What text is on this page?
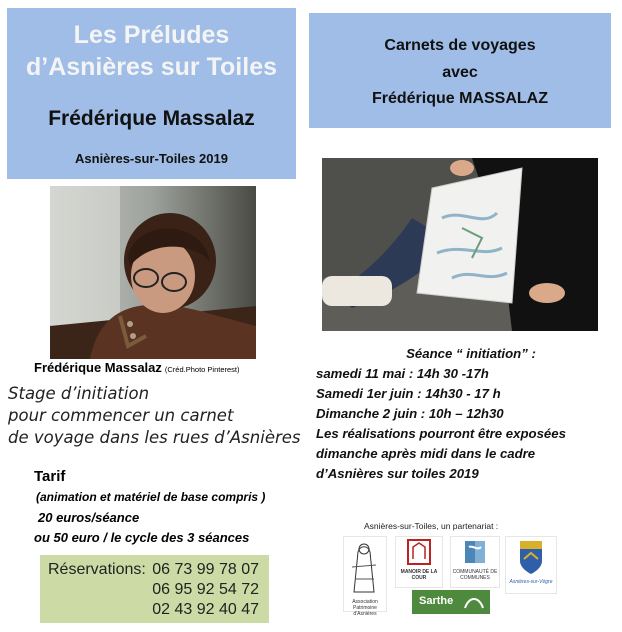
Les Préludes
d’Asnières sur Toiles
Frédérique Massalaz
Asnières-sur-Toiles 2019
Carnets de voyages
avec
Frédérique MASSALAZ
Frédérique Massalaz (Créd.Photo Pinterest)
Stage d’initiation
pour commencer un carnet
de voyage dans les rues d’Asnières
Tarif
(animation et matériel de base compris )
20 euros/séance
ou 50 euro / le cycle des 3 séances
Réservations: 06 73 99 78 07
06 95 92 54 72
02 43 92 40 47
Séance “ initiation” :
samedi 11 mai : 14h 30 -17h
Samedi 1er juin : 14h30 - 17 h
Dimanche 2 juin : 10h – 12h30
Les réalisations pourront être exposées
dimanche après midi dans le cadre
d’Asnières sur toiles 2019
Asnières-sur-Toiles, un partenariat :
Association Patrimoine d'Asnières
MANOIR DE LA COUR
COMMUNAUTÉ DE COMMUNES
Asnières-sur-Vègre
Sarthe
